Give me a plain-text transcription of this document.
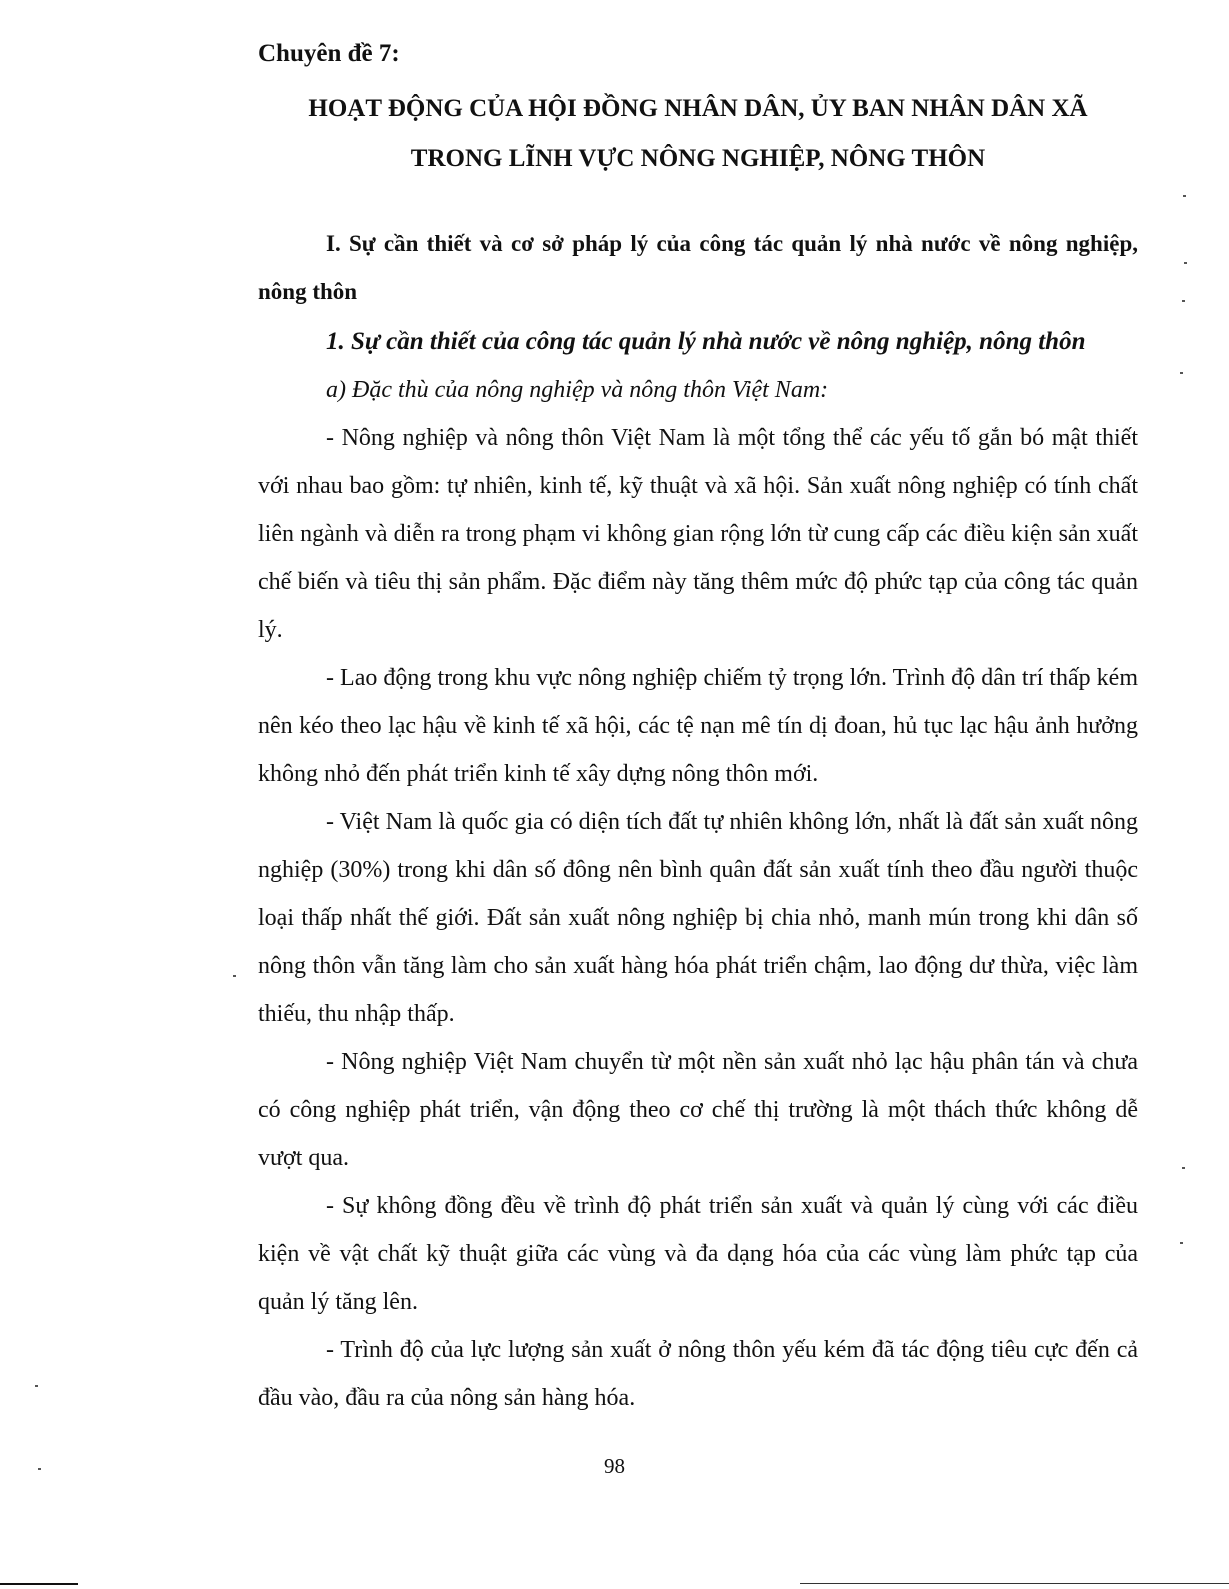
Chuyên đề 7:

HOẠT ĐỘNG CỦA HỘI ĐỒNG NHÂN DÂN, ỦY BAN NHÂN DÂN XÃ
TRONG LĨNH VỰC NÔNG NGHIỆP, NÔNG THÔN
I. Sự cần thiết và cơ sở pháp lý của công tác quản lý nhà nước về nông nghiệp, nông thôn
1. Sự cần thiết của công tác quản lý nhà nước về nông nghiệp, nông thôn

a) Đặc thù của nông nghiệp và nông thôn Việt Nam:

- Nông nghiệp và nông thôn Việt Nam là một tổng thể các yếu tố gắn bó mật thiết với nhau bao gồm: tự nhiên, kinh tế, kỹ thuật và xã hội. Sản xuất nông nghiệp có tính chất liên ngành và diễn ra trong phạm vi không gian rộng lớn từ cung cấp các điều kiện sản xuất chế biến và tiêu thị sản phẩm. Đặc điểm này tăng thêm mức độ phức tạp của công tác quản lý.

- Lao động trong khu vực nông nghiệp chiếm tỷ trọng lớn. Trình độ dân trí thấp kém nên kéo theo lạc hậu về kinh tế xã hội, các tệ nạn mê tín dị đoan, hủ tục lạc hậu ảnh hưởng không nhỏ đến phát triển kinh tế xây dựng nông thôn mới.

- Việt Nam là quốc gia có diện tích đất tự nhiên không lớn, nhất là đất sản xuất nông nghiệp (30%) trong khi dân số đông nên bình quân đất sản xuất tính theo đầu người thuộc loại thấp nhất thế giới. Đất sản xuất nông nghiệp bị chia nhỏ, manh mún trong khi dân số nông thôn vẫn tăng làm cho sản xuất hàng hóa phát triển chậm, lao động dư thừa, việc làm thiếu, thu nhập thấp.

- Nông nghiệp Việt Nam chuyển từ một nền sản xuất nhỏ lạc hậu phân tán và chưa có công nghiệp phát triển, vận động theo cơ chế thị trường là một thách thức không dễ vượt qua.

- Sự không đồng đều về trình độ phát triển sản xuất và quản lý cùng với các điều kiện về vật chất kỹ thuật giữa các vùng và đa dạng hóa của các vùng làm phức tạp của quản lý tăng lên.

- Trình độ của lực lượng sản xuất ở nông thôn yếu kém đã tác động tiêu cực đến cả đầu vào, đầu ra của nông sản hàng hóa.

98
